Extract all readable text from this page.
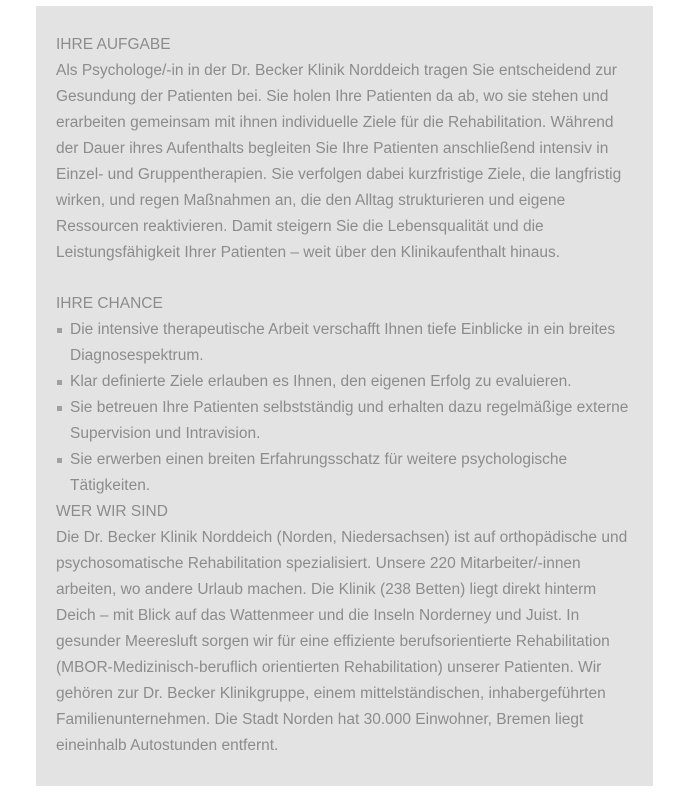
IHRE AUFGABE

Als Psychologe/-in in der Dr. Becker Klinik Norddeich tragen Sie entscheidend zur Gesundung der Patienten bei. Sie holen Ihre Patienten da ab, wo sie stehen und erarbeiten gemeinsam mit ihnen individuelle Ziele für die Rehabilitation. Während der Dauer ihres Aufenthalts begleiten Sie Ihre Patienten anschließend intensiv in Einzel- und Gruppentherapien. Sie verfolgen dabei kurzfristige Ziele, die langfristig wirken, und regen Maßnahmen an, die den Alltag strukturieren und eigene Ressourcen reaktivieren. Damit steigern Sie die Lebensqualität und die Leistungsfähigkeit Ihrer Patienten – weit über den Klinikaufenthalt hinaus.

IHRE CHANCE
Die intensive therapeutische Arbeit verschafft Ihnen tiefe Einblicke in ein breites Diagnosespektrum.
Klar definierte Ziele erlauben es Ihnen, den eigenen Erfolg zu evaluieren.
Sie betreuen Ihre Patienten selbstständig und erhalten dazu regelmäßige externe Supervision und Intravision.
Sie erwerben einen breiten Erfahrungsschatz für weitere psychologische Tätigkeiten.
WER WIR SIND

Die Dr. Becker Klinik Norddeich (Norden, Niedersachsen) ist auf orthopädische und psychosomatische Rehabilitation spezialisiert. Unsere 220 Mitarbeiter/-innen arbeiten, wo andere Urlaub machen. Die Klinik (238 Betten) liegt direkt hinterm Deich – mit Blick auf das Wattenmeer und die Inseln Norderney und Juist. In gesunder Meeresluft sorgen wir für eine effiziente berufsorientierte Rehabilitation (MBOR-Medizinisch-beruflich orientierten Rehabilitation) unserer Patienten. Wir gehören zur Dr. Becker Klinikgruppe, einem mittelständischen, inhabergeführten Familienunternehmen. Die Stadt Norden hat 30.000 Einwohner, Bremen liegt eineinhalb Autostunden entfernt.
